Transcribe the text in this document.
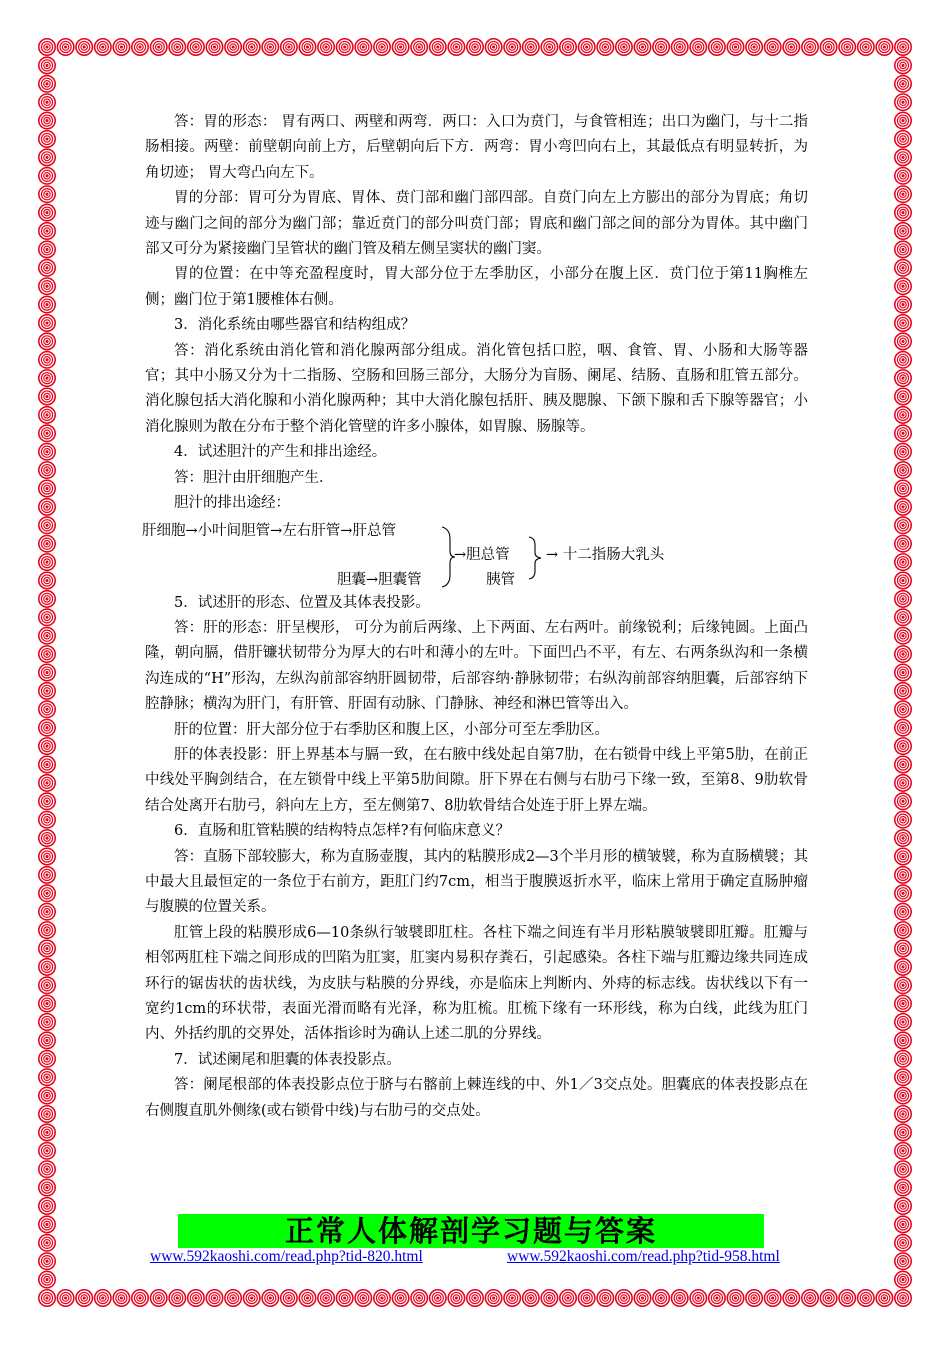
答：胃的形态： 胃有两口、两壁和两弯．两口：入口为贲门，与食管相连；出口为幽门，与十二指肠相接。两壁：前壁朝向前上方，后壁朝向后下方．两弯：胃小弯凹向右上，其最低点有明显转折，为角切迹； 胃大弯凸向左下。

胃的分部：胃可分为胃底、胃体、贲门部和幽门部四部。自贲门向左上方膨出的部分为胃底；角切迹与幽门之间的部分为幽门部；靠近贲门的部分叫贲门部；胃底和幽门部之间的部分为胃体。其中幽门部又可分为紧接幽门呈管状的幽门管及稍左侧呈窦状的幽门窦。

胃的位置：在中等充盈程度时，胃大部分位于左季肋区，小部分在腹上区．贲门位于第11胸椎左侧；幽门位于第1腰椎体右侧。

3．消化系统由哪些器官和结构组成？

答：消化系统由消化管和消化腺两部分组成。消化管包括口腔，咽、食管、胃、小肠和大肠等器官；其中小肠又分为十二指肠、空肠和回肠三部分，大肠分为盲肠、阑尾、结肠、直肠和肛管五部分。消化腺包括大消化腺和小消化腺两种；其中大消化腺包括肝、胰及腮腺、下颌下腺和舌下腺等器官；小消化腺则为散在分布于整个消化管壁的许多小腺体，如胃腺、肠腺等。

4．试述胆汁的产生和排出途经。

答：胆汁由肝细胞产生．

胆汁的排出途经：

肝细胞→小叶间胆管→左右肝管→肝总管
胆囊→胆囊管
→胆总管
胰管
→ 十二指肠大乳头

5．试述肝的形态、位置及其体表投影。

答：肝的形态：肝呈楔形， 可分为前后两缘、上下两面、左右两叶。前缘锐利；后缘钝圆。上面凸隆，朝向膈，借肝镰状韧带分为厚大的右叶和薄小的左叶。下面凹凸不平，有左、右两条纵沟和一条横沟连成的“H”形沟，左纵沟前部容纳肝圆韧带，后部容纳·静脉韧带；右纵沟前部容纳胆囊，后部容纳下腔静脉；横沟为肝门，有肝管、肝固有动脉、门静脉、神经和淋巴管等出入。

肝的位置：肝大部分位于右季肋区和腹上区，小部分可至左季肋区。

肝的体表投影：肝上界基本与膈一致，在右腋中线处起自第7肋，在右锁骨中线上平第5肋，在前正中线处平胸剑结合，在左锁骨中线上平第5肋间隙。肝下界在右侧与右肋弓下缘一致，至第8、9肋软骨结合处离开右肋弓，斜向左上方，至左侧第7、8肋软骨结合处连于肝上界左端。

6．直肠和肛管粘膜的结构特点怎样?有何临床意义？

答：直肠下部较膨大，称为直肠壶腹，其内的粘膜形成2—3个半月形的横皱襞，称为直肠横襞；其中最大且最恒定的一条位于右前方，距肛门约7cm，相当于腹膜返折水平，临床上常用于确定直肠肿瘤与腹膜的位置关系。

肛管上段的粘膜形成6—10条纵行皱襞即肛柱。各柱下端之间连有半月形粘膜皱襞即肛瓣。肛瓣与相邻两肛柱下端之间形成的凹陷为肛窦，肛窦内易积存粪石，引起感染。各柱下端与肛瓣边缘共同连成环行的锯齿状的齿状线，为皮肤与粘膜的分界线，亦是临床上判断内、外痔的标志线。齿状线以下有一宽约1cm的环状带，表面光滑而略有光泽，称为肛梳。肛梳下缘有一环形线，称为白线，此线为肛门内、外括约肌的交界处，活体指诊时为确认上述二肌的分界线。

7．试述阑尾和胆囊的体表投影点。

答：阑尾根部的体表投影点位于脐与右髂前上棘连线的中、外1／3交点处。胆囊底的体表投影点在右侧腹直肌外侧缘(或右锁骨中线)与右肋弓的交点处。

正常人体解剖学习题与答案
www.592kaoshi.com/read.php?tid-820.html	www.592kaoshi.com/read.php?tid-958.html
